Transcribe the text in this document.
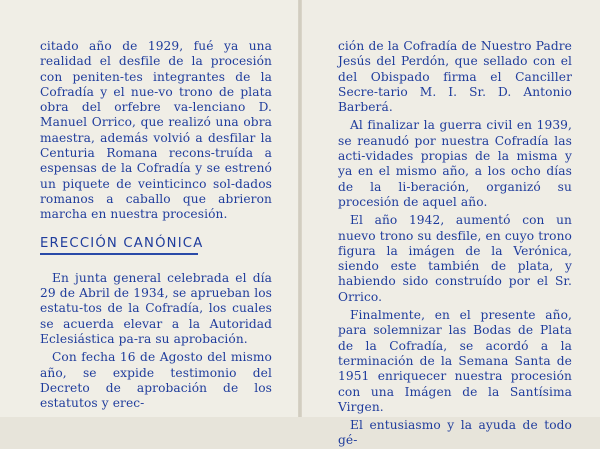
citado año de 1929, fué ya una realidad el desfile de la procesión con peniten-tes integrantes de la Cofradía y el nue-vo trono de plata obra del orfebre va-lenciano D. Manuel Orrico, que realizó una obra maestra, además volvió a desfilar la Centuria Romana recons-truída a espensas de la Cofradía y se estrenó un piquete de veinticinco sol-dados romanos a caballo que abrieron marcha en nuestra procesión.

ERECCIÓN CANÓNICA

En junta general celebrada el día 29 de Abril de 1934, se aprueban los estatu-tos de la Cofradía, los cuales se acuerda elevar a la Autoridad Eclesiástica pa-ra su aprobación.

Con fecha 16 de Agosto del mismo año, se expide testimonio del Decreto de aprobación de los estatutos y erec-

ción de la Cofradía de Nuestro Padre Jesús del Perdón, que sellado con el del Obispado firma el Canciller Secre-tario M. I. Sr. D. Antonio Barberá.

Al finalizar la guerra civil en 1939, se reanudó por nuestra Cofradía las acti-vidades propias de la misma y ya en el mismo año, a los ocho días de la li-beración, organizó su procesión de aquel año.

El año 1942, aumentó con un nuevo trono su desfile, en cuyo trono figura la imágen de la Verónica, siendo este también de plata, y habiendo sido construído por el Sr. Orrico.

Finalmente, en el presente año, para solemnizar las Bodas de Plata de la Cofradía, se acordó a la terminación de la Semana Santa de 1951 enriquecer nuestra procesión con una Imágen de la Santísima Virgen.

El entusiasmo y la ayuda de todo gé-
